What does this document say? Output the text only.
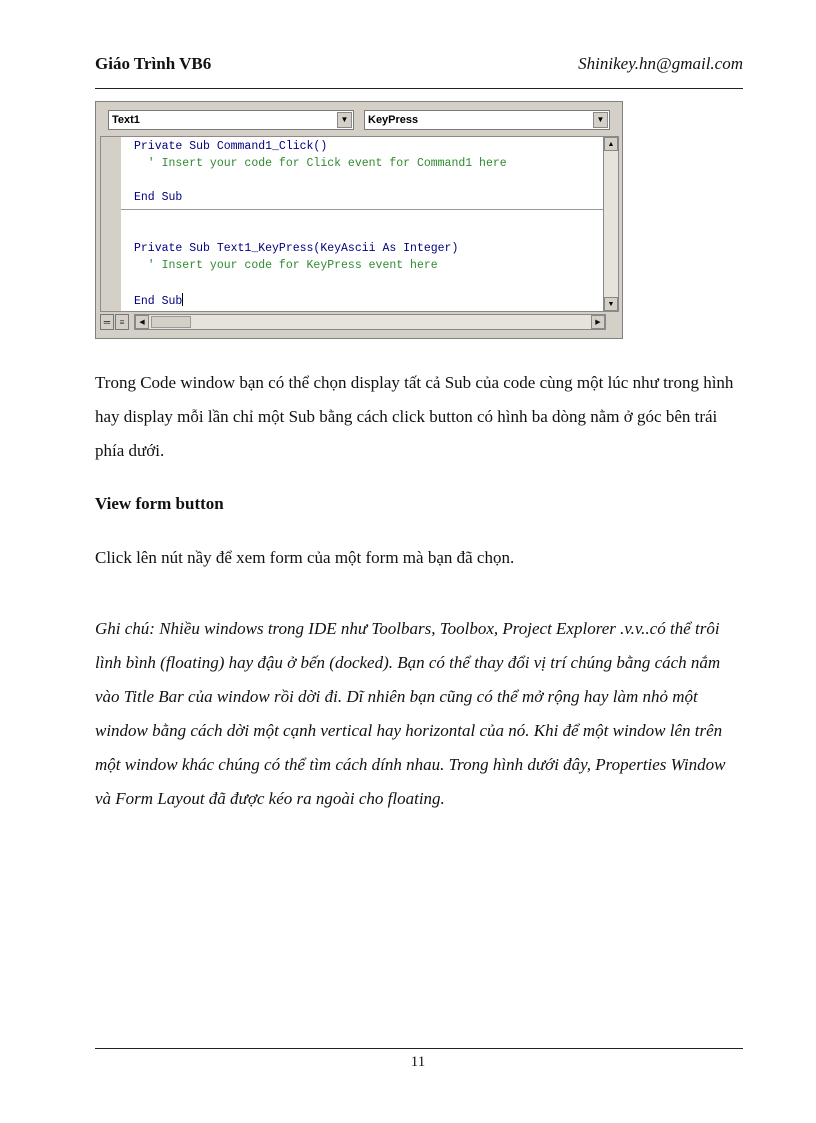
Giáo Trình VB6	Shinikey.hn@gmail.com
Text1	▼	KeyPress	▼
Private Sub Command1_Click()
' Insert your code for Click event for Command1 here
End Sub
Private Sub Text1_KeyPress(KeyAscii As Integer)
' Insert your code for KeyPress event here
End Sub
▲
▼
═	≡	◀	▶

Trong Code window bạn có thể chọn display tất cả Sub của code cùng một lúc như trong hình hay display mỗi lần chỉ một Sub bằng cách click button có hình ba dòng nằm ở góc bên trái phía dưới.

View form button

Click lên nút nầy để xem form của một form mà bạn đã chọn.

Ghi chú: Nhiều windows trong IDE như Toolbars, Toolbox, Project Explorer .v.v..có thể trôi lình bình (floating) hay đậu ở bến (docked). Bạn có thể thay đổi vị trí chúng bằng cách nắm vào Title Bar của window rồi dời đi. Dĩ nhiên bạn cũng có thể mở rộng hay làm nhỏ một window bằng cách dời một cạnh vertical hay horizontal của nó. Khi để một window lên trên một window khác chúng có thể tìm cách dính nhau. Trong hình dưới đây, Properties Window và Form Layout đã được kéo ra ngoài cho floating.

11
